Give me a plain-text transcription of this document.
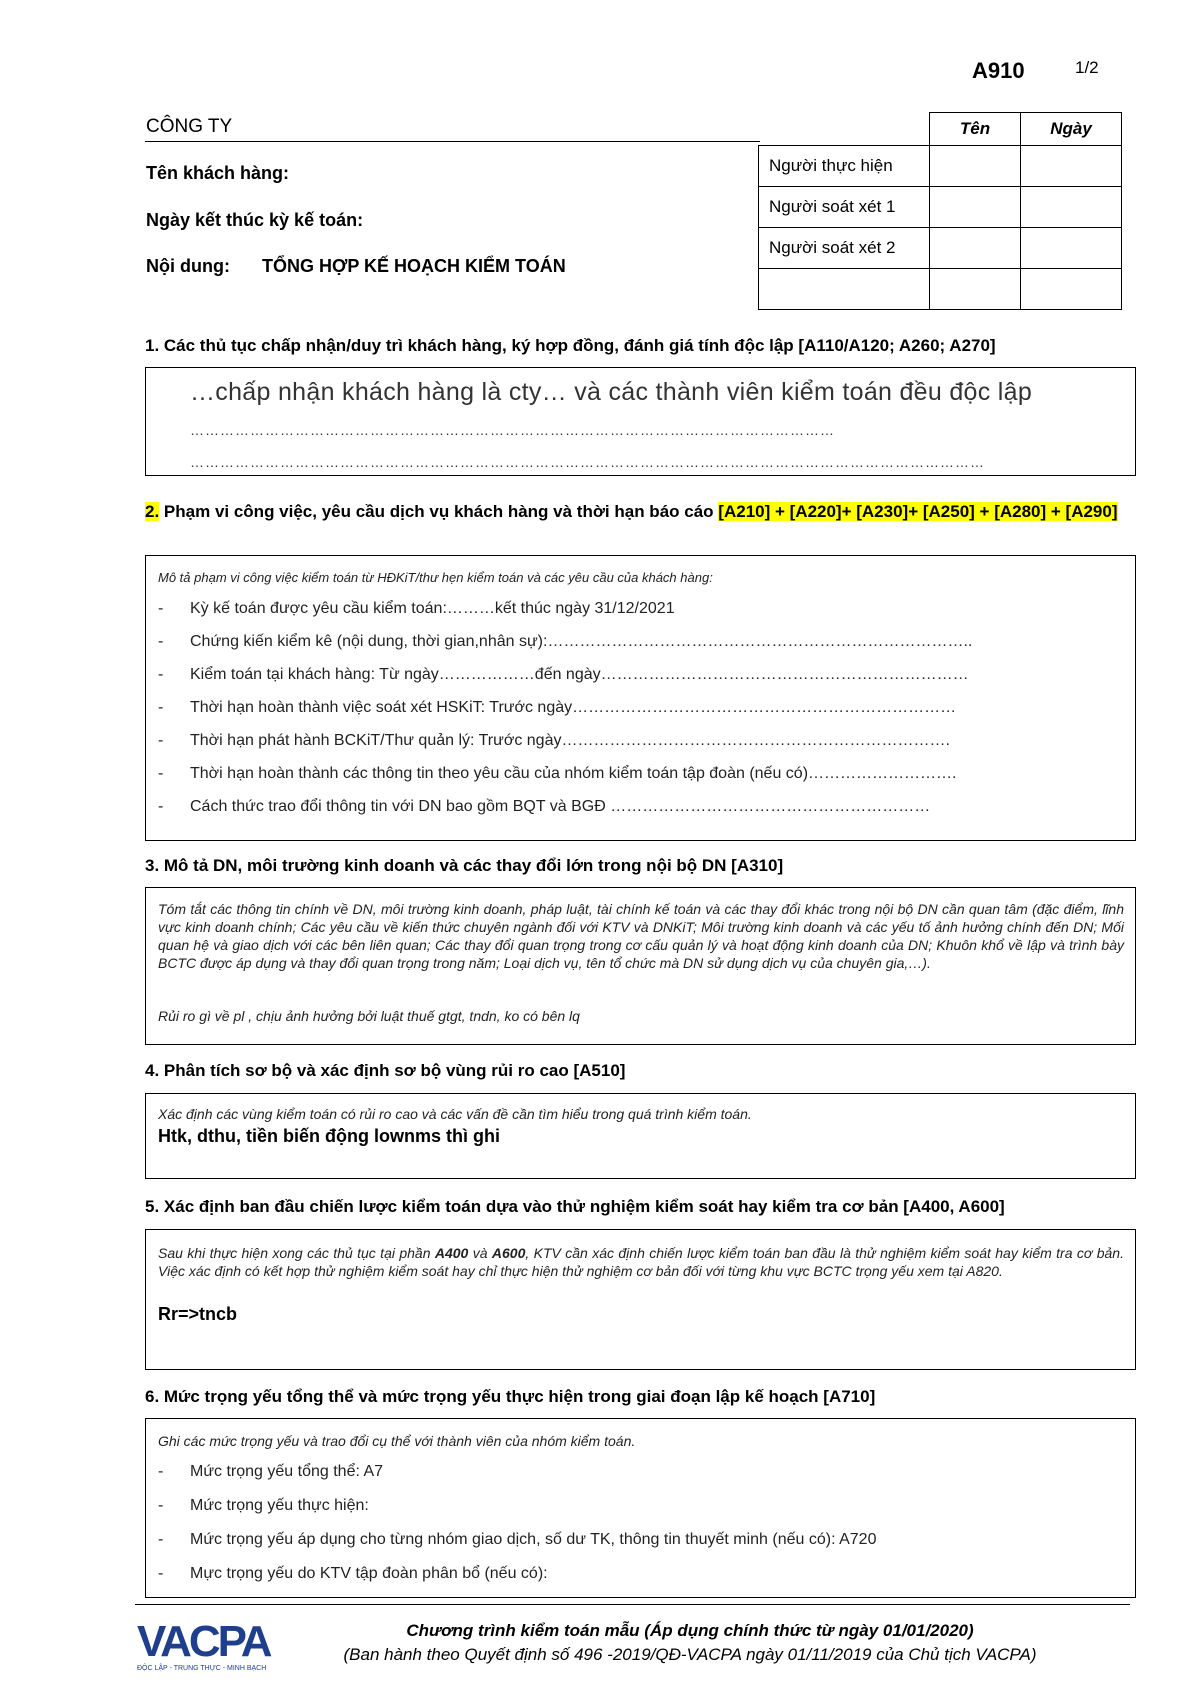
A910	1/2
CÔNG TY
Tên khách hàng:
Ngày kết thúc kỳ kế toán:
Nội dung: TỔNG HỢP KẾ HOẠCH KIỂM TOÁN
	Tên	Ngày
Người thực hiện		
Người soát xét 1		
Người soát xét 2		

1. Các thủ tục chấp nhận/duy trì khách hàng, ký hợp đồng, đánh giá tính độc lập [A110/A120; A260; A270]
…chấp nhận khách hàng là cty… và các thành viên kiểm toán đều độc lập
…………………………………………………………………………………………………………………
……………………………………………………………………………………………………………………………………………
2. Phạm vi công việc, yêu cầu dịch vụ khách hàng và thời hạn báo cáo [A210] + [A220]+ [A230]+ [A250] + [A280] + [A290]
Mô tả phạm vi công việc kiểm toán từ HĐKiT/thư hẹn kiểm toán và các yêu cầu của khách hàng:
- Kỳ kế toán được yêu cầu kiểm toán:………kết thúc ngày 31/12/2021
- Chứng kiến kiểm kê (nội dung, thời gian,nhân sự):……………………………………………………………………..
- Kiểm toán tại khách hàng: Từ ngày………………đến ngày……………………………………………………………
- Thời hạn hoàn thành việc soát xét HSKiT: Trước ngày………………………………………………………………
- Thời hạn phát hành BCKiT/Thư quản lý: Trước ngày……………………………………………………………….
- Thời hạn hoàn thành các thông tin theo yêu cầu của nhóm kiểm toán tập đoàn (nếu có)……………………….
- Cách thức trao đổi thông tin với DN bao gồm BQT và BGĐ ……………………………………………………
3. Mô tả DN, môi trường kinh doanh và các thay đổi lớn trong nội bộ DN [A310]
Tóm tắt các thông tin chính về DN, môi trường kinh doanh, pháp luật, tài chính kế toán và các thay đổi khác trong nội bộ DN cần quan tâm (đặc điểm, lĩnh vực kinh doanh chính; Các yêu cầu về kiến thức chuyên ngành đối với KTV và DNKiT; Môi trường kinh doanh và các yếu tố ảnh hưởng chính đến DN; Mối quan hệ và giao dịch với các bên liên quan; Các thay đổi quan trọng trong cơ cấu quản lý và hoạt động kinh doanh của DN; Khuôn khổ về lập và trình bày BCTC được áp dụng và thay đổi quan trọng trong năm; Loại dịch vụ, tên tổ chức mà DN sử dụng dịch vụ của chuyên gia,…).
Rủi ro gì về pl , chịu ảnh hưởng bởi luật thuế gtgt, tndn, ko có bên lq
4. Phân tích sơ bộ và xác định sơ bộ vùng rủi ro cao [A510]
Xác định các vùng kiểm toán có rủi ro cao và các vấn đề cần tìm hiểu trong quá trình kiểm toán.
Htk, dthu, tiền biến động lownms thì ghi
5. Xác định ban đầu chiến lược kiểm toán dựa vào thử nghiệm kiểm soát hay kiểm tra cơ bản [A400, A600]
Sau khi thực hiện xong các thủ tục tại phần A400 và A600, KTV cần xác định chiến lược kiểm toán ban đầu là thử nghiệm kiểm soát hay kiểm tra cơ bản. Việc xác định có kết hợp thử nghiệm kiểm soát hay chỉ thực hiện thử nghiệm cơ bản đối với từng khu vực BCTC trọng yếu xem tại A820.
Rr=>tncb
6. Mức trọng yếu tổng thể và mức trọng yếu thực hiện trong giai đoạn lập kế hoạch [A710]
Ghi các mức trọng yếu và trao đổi cụ thể với thành viên của nhóm kiểm toán.
- Mức trọng yếu tổng thể: A7
- Mức trọng yếu thực hiện:
- Mức trọng yếu áp dụng cho từng nhóm giao dịch, số dư TK, thông tin thuyết minh (nếu có): A720
- Mực trọng yếu do KTV tập đoàn phân bổ (nếu có):
VACPA
ĐỘC LẬP - TRUNG THỰC - MINH BẠCH
Chương trình kiểm toán mẫu (Áp dụng chính thức từ ngày 01/01/2020)
(Ban hành theo Quyết định số 496 -2019/QĐ-VACPA ngày 01/11/2019 của Chủ tịch VACPA)
